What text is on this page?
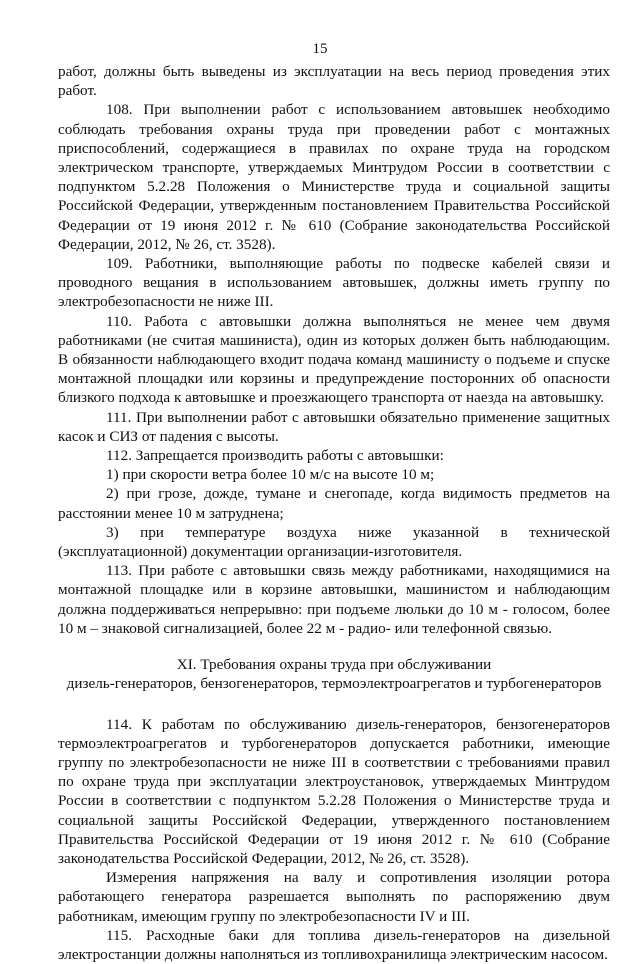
15

работ, должны быть выведены из эксплуатации на весь период проведения этих работ.

108. При выполнении работ с использованием автовышек необходимо соблюдать требования охраны труда при проведении работ с монтажных приспособлений, содержащиеся в правилах по охране труда на городском электрическом транспорте, утверждаемых Минтрудом России в соответствии с подпунктом 5.2.28 Положения о Министерстве труда и социальной защиты Российской Федерации, утвержденным постановлением Правительства Российской Федерации от 19 июня 2012 г. № 610 (Собрание законодательства Российской Федерации, 2012, № 26, ст. 3528).

109. Работники, выполняющие работы по подвеске кабелей связи и проводного вещания в использованием автовышек, должны иметь группу по электробезопасности не ниже III.

110. Работа с автовышки должна выполняться не менее чем двумя работниками (не считая машиниста), один из которых должен быть наблюдающим. В обязанности наблюдающего входит подача команд машинисту о подъеме и спуске монтажной площадки или корзины и предупреждение посторонних об опасности близкого подхода к автовышке и проезжающего транспорта от наезда на автовышку.

111. При выполнении работ с автовышки обязательно применение защитных касок и СИЗ от падения с высоты.

112. Запрещается производить работы с автовышки:

1) при скорости ветра более 10 м/с на высоте 10 м;

2) при грозе, дожде, тумане и снегопаде, когда видимость предметов на расстоянии менее 10 м затруднена;

3) при температуре воздуха ниже указанной в технической (эксплуатационной) документации организации-изготовителя.

113. При работе с автовышки связь между работниками, находящимися на монтажной площадке или в корзине автовышки, машинистом и наблюдающим должна поддерживаться непрерывно: при подъеме люльки до 10 м - голосом, более 10 м – знаковой сигнализацией, более 22 м - радио- или телефонной связью.

XI. Требования охраны труда при обслуживании

дизель-генераторов, бензогенераторов, термоэлектроагрегатов и турбогенераторов

114. К работам по обслуживанию дизель-генераторов, бензогенераторов термоэлектроагрегатов и турбогенераторов допускается работники, имеющие группу по электробезопасности не ниже III в соответствии с требованиями правил по охране труда при эксплуатации электроустановок, утверждаемых Минтрудом России в соответствии с подпунктом 5.2.28 Положения о Министерстве труда и социальной защиты Российской Федерации, утвержденного постановлением Правительства Российской Федерации от 19 июня 2012 г. № 610 (Собрание законодательства Российской Федерации, 2012, № 26, ст. 3528).

Измерения напряжения на валу и сопротивления изоляции ротора работающего генератора разрешается выполнять по распоряжению двум работникам, имеющим группу по электробезопасности IV и III.

115. Расходные баки для топлива дизель-генераторов на дизельной электростанции должны наполняться из топливохранилища электрическим насосом.
